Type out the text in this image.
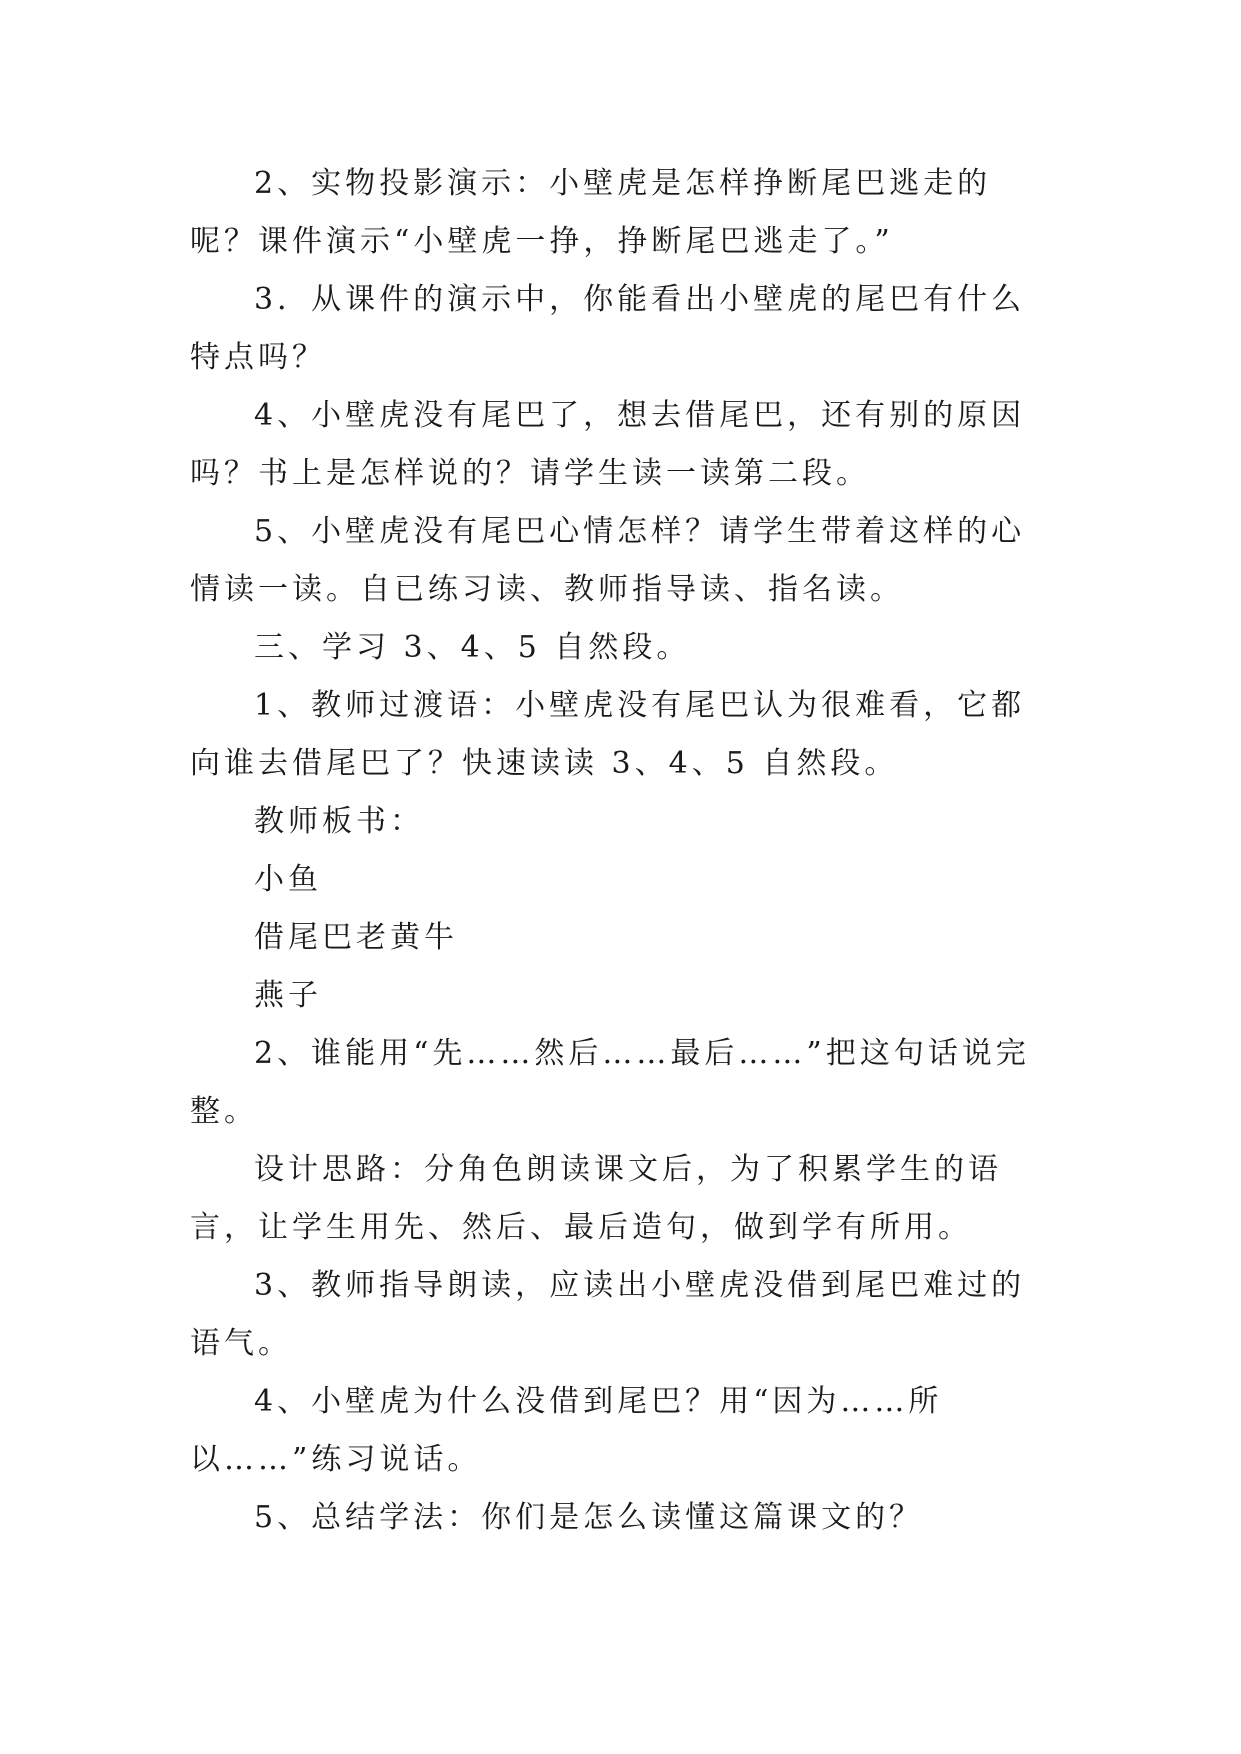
2、实物投影演示：小壁虎是怎样挣断尾巴逃走的呢？课件演示“小壁虎一挣，挣断尾巴逃走了。”

3．从课件的演示中，你能看出小壁虎的尾巴有什么特点吗？

4、小壁虎没有尾巴了，想去借尾巴，还有别的原因吗？书上是怎样说的？请学生读一读第二段。

5、小壁虎没有尾巴心情怎样？请学生带着这样的心情读一读。自已练习读、教师指导读、指名读。

三、学习 3、4、5 自然段。

1、教师过渡语：小壁虎没有尾巴认为很难看，它都向谁去借尾巴了？快速读读 3、4、5 自然段。

教师板书：

小鱼

借尾巴老黄牛

燕子

2、谁能用“先……然后……最后……”把这句话说完整。

设计思路：分角色朗读课文后，为了积累学生的语言，让学生用先、然后、最后造句，做到学有所用。

3、教师指导朗读，应读出小壁虎没借到尾巴难过的语气。

4、小壁虎为什么没借到尾巴？用“因为……所以……”练习说话。

5、总结学法：你们是怎么读懂这篇课文的？
